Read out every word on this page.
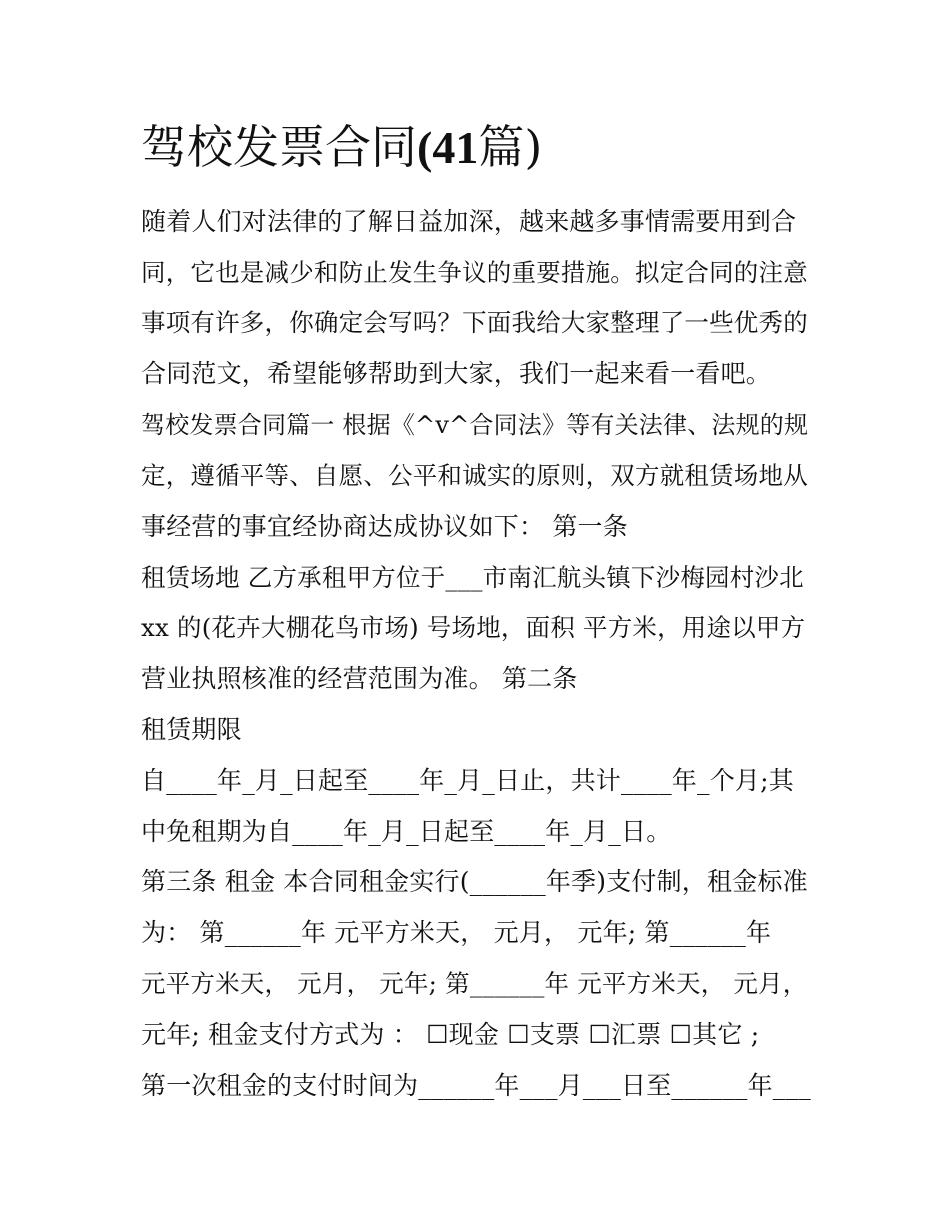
驾校发票合同(41篇)
随着人们对法律的了解日益加深，越来越多事情需要用到合
同，它也是减少和防止发生争议的重要措施。拟定合同的注意
事项有许多，你确定会写吗？下面我给大家整理了一些优秀的
合同范文，希望能够帮助到大家，我们一起来看一看吧。
驾校发票合同篇一 根据《^v^合同法》等有关法律、法规的规
定，遵循平等、自愿、公平和诚实的原则，双方就租赁场地从
事经营的事宜经协商达成协议如下： 第一条
租赁场地 乙方承租甲方位于___市南汇航头镇下沙梅园村沙北
xx 的(花卉大棚花鸟市场) 号场地，面积 平方米，用途以甲方
营业执照核准的经营范围为准。 第二条
租赁期限
自____年_月_日起至____年_月_日止，共计____年_个月;其
中免租期为自____年_月_日起至____年_月_日。
第三条 租金 本合同租金实行(______年季)支付制，租金标准
为： 第______年 元平方米天， 元月， 元年; 第______年
元平方米天， 元月， 元年; 第______年 元平方米天， 元月，
元年; 租金支付方式为 ： ☐现金 ☐支票 ☐汇票 ☐其它 ;
第一次租金的支付时间为______年___月___日至______年___
